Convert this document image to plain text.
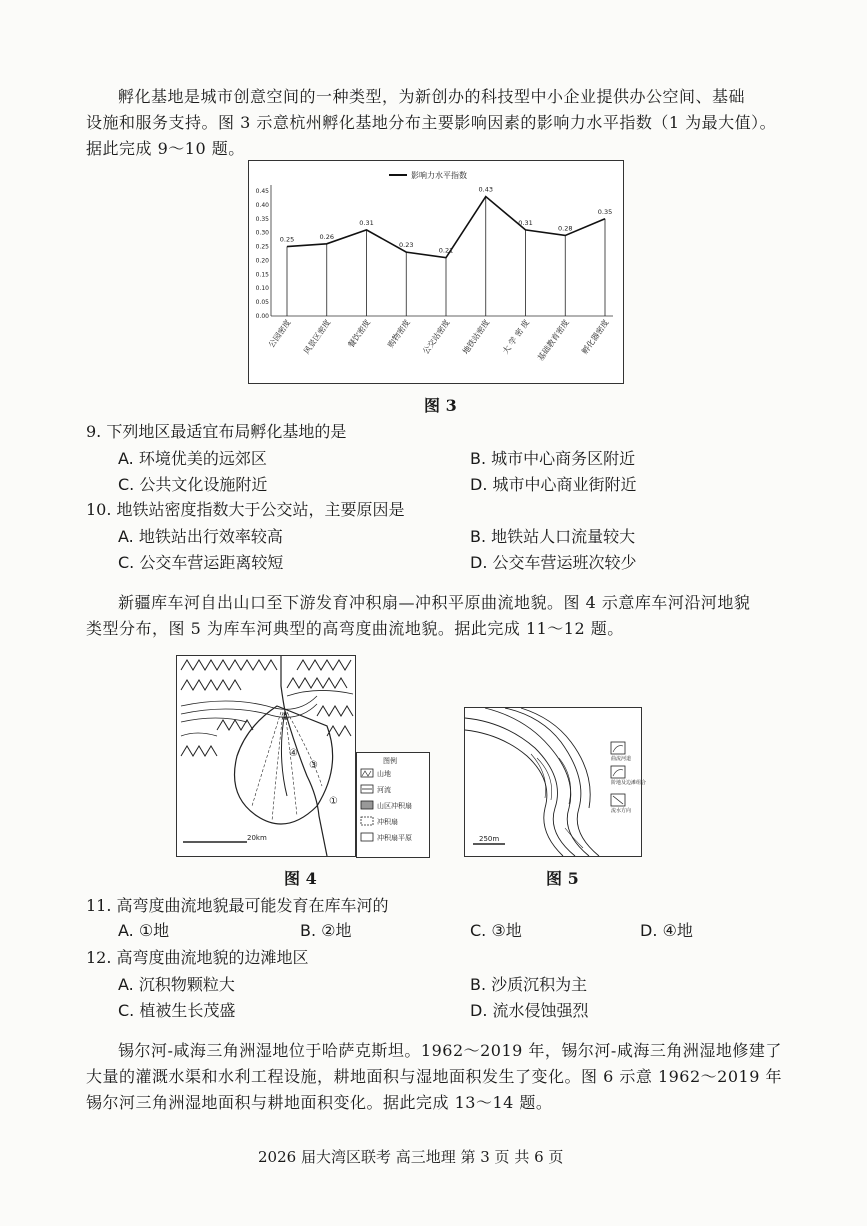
孵化基地是城市创意空间的一种类型，为新创办的科技型中小企业提供办公空间、基础
设施和服务支持。图 3 示意杭州孵化基地分布主要影响因素的影响力水平指数（1 为最大值）。
据此完成 9～10 题。
影响力水平指数
0.00
0.05
0.10
0.15
0.20
0.25
0.30
0.35
0.40
0.45
0.25	0.26
0.31
0.23
0.21
0.43
0.31
0.28
0.35
公园密度 风景区密度 餐饮密度 购物密度 公交站密度 地铁站密度 大 学 密 度 基础教育密度 孵化器密度
图 3
9. 下列地区最适宜布局孵化基地的是
A. 环境优美的远郊区	B. 城市中心商务区附近
C. 公共文化设施附近	D. 城市中心商业街附近
10. 地铁站密度指数大于公交站，主要原因是
A. 地铁站出行效率较高	B. 地铁站人口流量较大
C. 公交车营运距离较短	D. 公交车营运班次较少
新疆库车河自出山口至下游发育冲积扇—冲积平原曲流地貌。图 4 示意库车河沿河地貌
类型分布，图 5 为库车河典型的高弯度曲流地貌。据此完成 11～12 题。
②
③
④
①
20km
图例
山地
河流
山区冲积扇
冲积扇
冲积扇平原
图 4
250m
曲流河道
阶地及边滩组合
流水方向
图 5
11. 高弯度曲流地貌最可能发育在库车河的
A. ①地	B. ②地	C. ③地	D. ④地
12. 高弯度曲流地貌的边滩地区
A. 沉积物颗粒大	B. 沙质沉积为主
C. 植被生长茂盛	D. 流水侵蚀强烈
锡尔河-咸海三角洲湿地位于哈萨克斯坦。1962～2019 年，锡尔河-咸海三角洲湿地修建了
大量的灌溉水渠和水利工程设施，耕地面积与湿地面积发生了变化。图 6 示意 1962～2019 年
锡尔河三角洲湿地面积与耕地面积变化。据此完成 13～14 题。
2026 届大湾区联考 高三地理 第 3 页 共 6 页
